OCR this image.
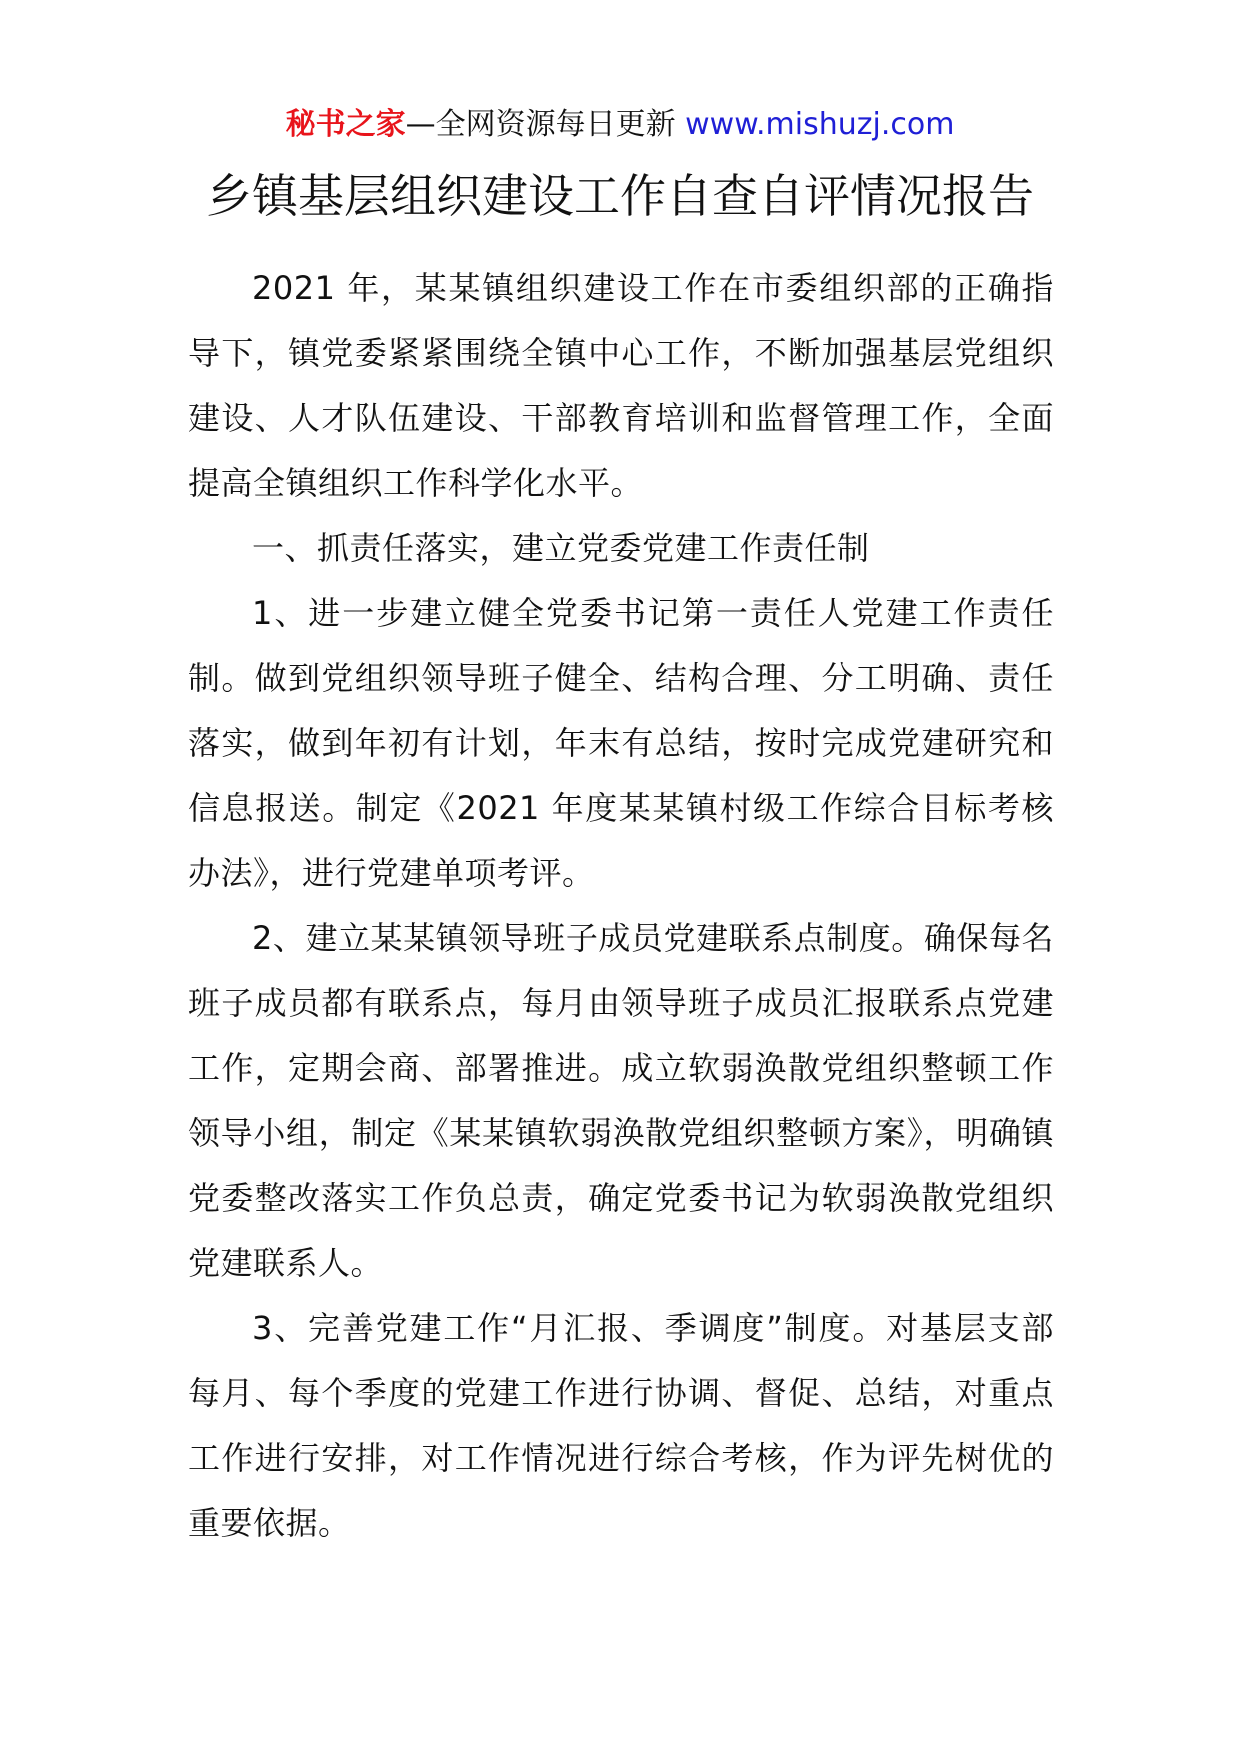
秘书之家—全网资源每日更新 www.mishuzj.com
乡镇基层组织建设工作自查自评情况报告

2021 年，某某镇组织建设工作在市委组织部的正确指导下，镇党委紧紧围绕全镇中心工作，不断加强基层党组织建设、人才队伍建设、干部教育培训和监督管理工作，全面提高全镇组织工作科学化水平。

一、抓责任落实，建立党委党建工作责任制

1、进一步建立健全党委书记第一责任人党建工作责任制。做到党组织领导班子健全、结构合理、分工明确、责任落实，做到年初有计划，年末有总结，按时完成党建研究和信息报送。制定《2021 年度某某镇村级工作综合目标考核办法》，进行党建单项考评。

2、建立某某镇领导班子成员党建联系点制度。确保每名班子成员都有联系点，每月由领导班子成员汇报联系点党建工作，定期会商、部署推进。成立软弱涣散党组织整顿工作领导小组，制定《某某镇软弱涣散党组织整顿方案》，明确镇党委整改落实工作负总责，确定党委书记为软弱涣散党组织党建联系人。

3、完善党建工作“月汇报、季调度”制度。对基层支部每月、每个季度的党建工作进行协调、督促、总结，对重点工作进行安排，对工作情况进行综合考核，作为评先树优的重要依据。
